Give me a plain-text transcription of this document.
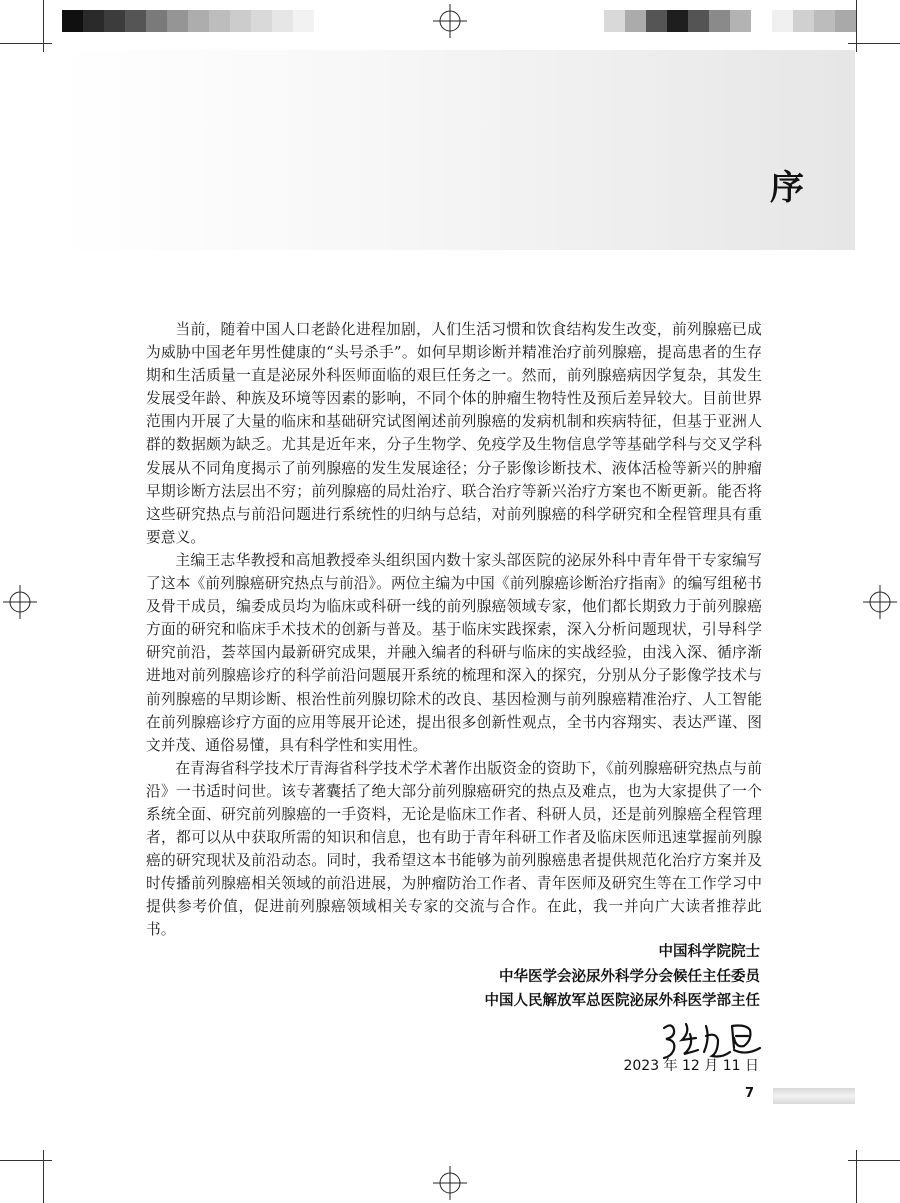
序

当前，随着中国人口老龄化进程加剧，人们生活习惯和饮食结构发生改变，前列腺癌已成为威胁中国老年男性健康的“头号杀手”。如何早期诊断并精准治疗前列腺癌，提高患者的生存期和生活质量一直是泌尿外科医师面临的艰巨任务之一。然而，前列腺癌病因学复杂，其发生发展受年龄、种族及环境等因素的影响，不同个体的肿瘤生物特性及预后差异较大。目前世界范围内开展了大量的临床和基础研究试图阐述前列腺癌的发病机制和疾病特征，但基于亚洲人群的数据颇为缺乏。尤其是近年来，分子生物学、免疫学及生物信息学等基础学科与交叉学科发展从不同角度揭示了前列腺癌的发生发展途径；分子影像诊断技术、液体活检等新兴的肿瘤早期诊断方法层出不穷；前列腺癌的局灶治疗、联合治疗等新兴治疗方案也不断更新。能否将这些研究热点与前沿问题进行系统性的归纳与总结，对前列腺癌的科学研究和全程管理具有重要意义。

主编王志华教授和高旭教授牵头组织国内数十家头部医院的泌尿外科中青年骨干专家编写了这本《前列腺癌研究热点与前沿》。两位主编为中国《前列腺癌诊断治疗指南》的编写组秘书及骨干成员，编委成员均为临床或科研一线的前列腺癌领域专家，他们都长期致力于前列腺癌方面的研究和临床手术技术的创新与普及。基于临床实践探索，深入分析问题现状，引导科学研究前沿，荟萃国内最新研究成果，并融入编者的科研与临床的实战经验，由浅入深、循序渐进地对前列腺癌诊疗的科学前沿问题展开系统的梳理和深入的探究，分别从分子影像学技术与前列腺癌的早期诊断、根治性前列腺切除术的改良、基因检测与前列腺癌精准治疗、人工智能在前列腺癌诊疗方面的应用等展开论述，提出很多创新性观点，全书内容翔实、表达严谨、图文并茂、通俗易懂，具有科学性和实用性。

在青海省科学技术厅青海省科学技术学术著作出版资金的资助下，《前列腺癌研究热点与前沿》一书适时问世。该专著囊括了绝大部分前列腺癌研究的热点及难点，也为大家提供了一个系统全面、研究前列腺癌的一手资料，无论是临床工作者、科研人员，还是前列腺癌全程管理者，都可以从中获取所需的知识和信息，也有助于青年科研工作者及临床医师迅速掌握前列腺癌的研究现状及前沿动态。同时，我希望这本书能够为前列腺癌患者提供规范化治疗方案并及时传播前列腺癌相关领域的前沿进展，为肿瘤防治工作者、青年医师及研究生等在工作学习中提供参考价值，促进前列腺癌领域相关专家的交流与合作。在此，我一并向广大读者推荐此书。

中国科学院院士
中华医学会泌尿外科学分会候任主任委员
中国人民解放军总医院泌尿外科医学部主任
2023 年 12 月 11 日
7
